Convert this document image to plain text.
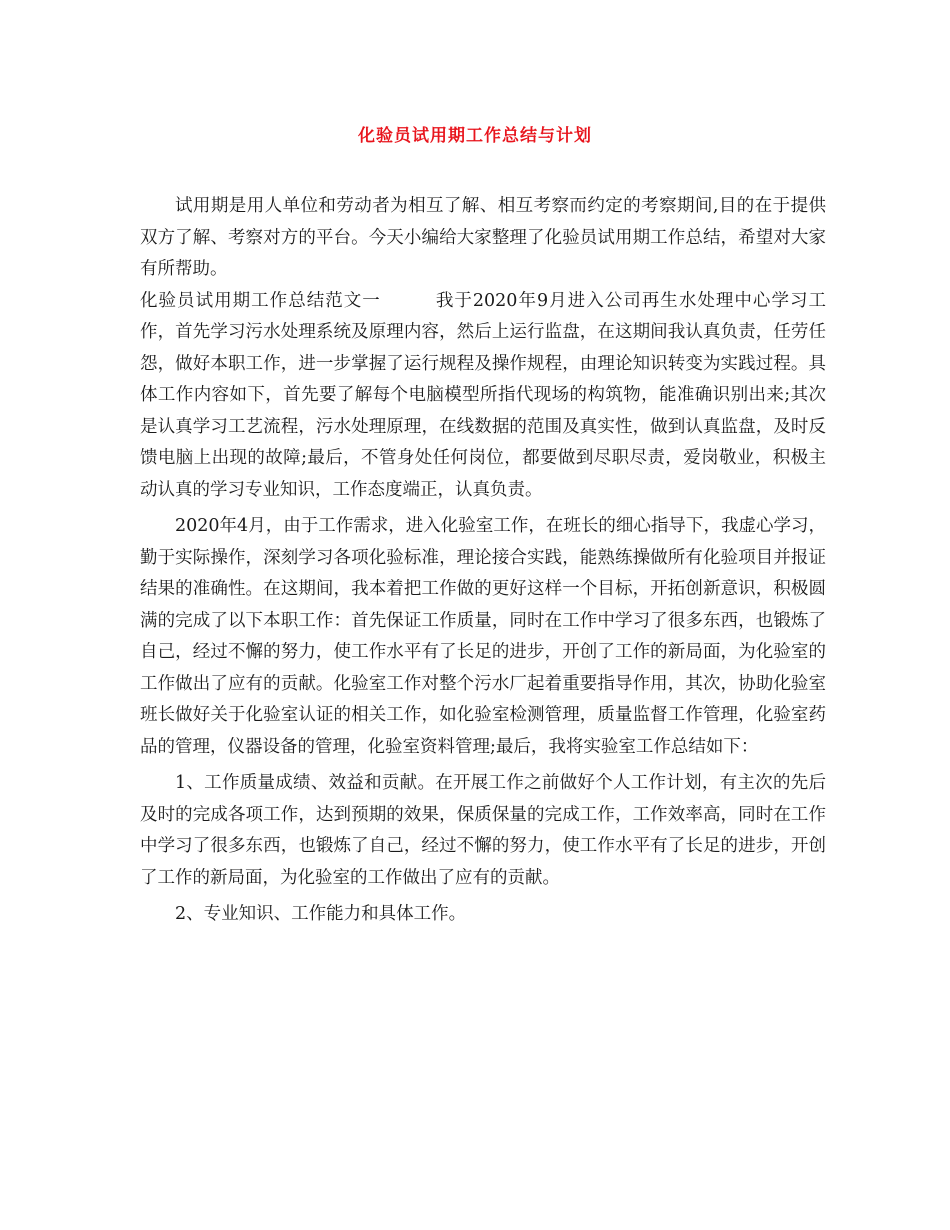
化验员试用期工作总结与计划

试用期是用人单位和劳动者为相互了解、相互考察而约定的考察期间,目的在于提供双方了解、考察对方的平台。今天小编给大家整理了化验员试用期工作总结，希望对大家有所帮助。

化验员试用期工作总结范文一	我于2020年9月进入公司再生水处理中心学习工作，首先学习污水处理系统及原理内容，然后上运行监盘，在这期间我认真负责，任劳任怨，做好本职工作，进一步掌握了运行规程及操作规程，由理论知识转变为实践过程。具体工作内容如下，首先要了解每个电脑模型所指代现场的构筑物，能准确识别出来;其次是认真学习工艺流程，污水处理原理，在线数据的范围及真实性，做到认真监盘，及时反馈电脑上出现的故障;最后，不管身处任何岗位，都要做到尽职尽责，爱岗敬业，积极主动认真的学习专业知识，工作态度端正，认真负责。

2020年4月，由于工作需求，进入化验室工作，在班长的细心指导下，我虚心学习，勤于实际操作，深刻学习各项化验标准，理论接合实践，能熟练操做所有化验项目并报证结果的准确性。在这期间，我本着把工作做的更好这样一个目标，开拓创新意识，积极圆满的完成了以下本职工作：首先保证工作质量，同时在工作中学习了很多东西，也锻炼了自己，经过不懈的努力，使工作水平有了长足的进步，开创了工作的新局面，为化验室的工作做出了应有的贡献。化验室工作对整个污水厂起着重要指导作用，其次，协助化验室班长做好关于化验室认证的相关工作，如化验室检测管理，质量监督工作管理，化验室药品的管理，仪器设备的管理，化验室资料管理;最后，我将实验室工作总结如下：

1、工作质量成绩、效益和贡献。在开展工作之前做好个人工作计划，有主次的先后及时的完成各项工作，达到预期的效果，保质保量的完成工作，工作效率高，同时在工作中学习了很多东西，也锻炼了自己，经过不懈的努力，使工作水平有了长足的进步，开创了工作的新局面，为化验室的工作做出了应有的贡献。

2、专业知识、工作能力和具体工作。
